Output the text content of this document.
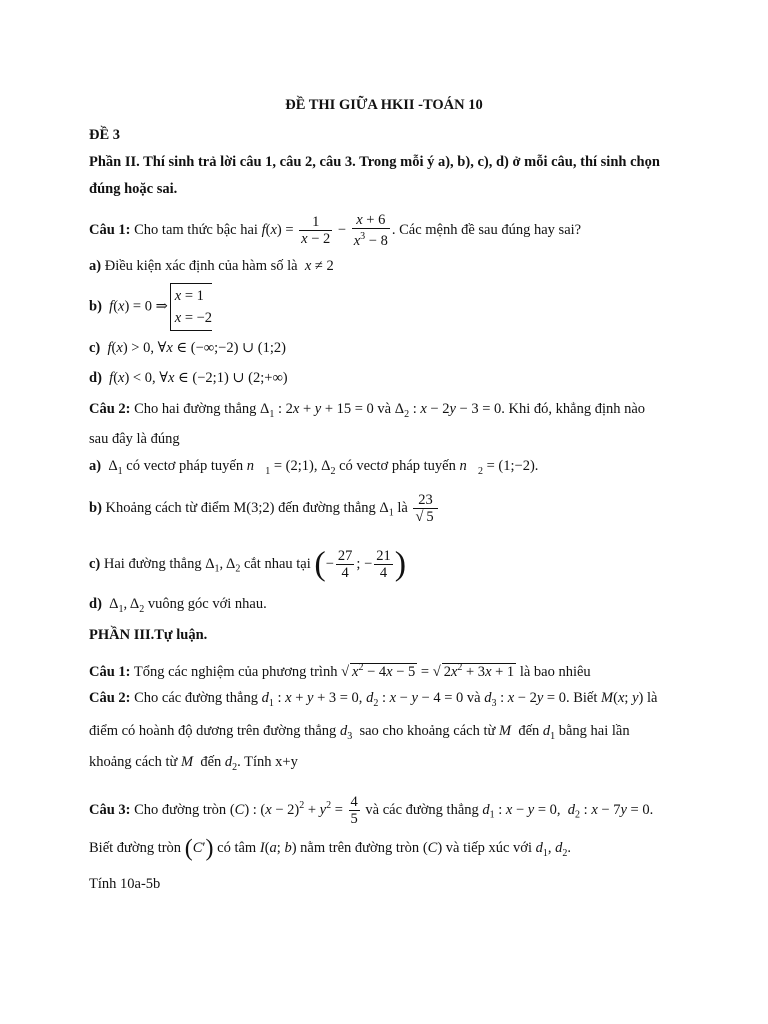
ĐỀ THI GIỮA HKII -TOÁN 10
ĐỀ 3
Phần II. Thí sinh trả lời câu 1, câu 2, câu 3. Trong mỗi ý a), b), c), d) ở mỗi câu, thí sinh chọn
đúng hoặc sai.
Câu 1: Cho tam thức bậc hai $f(x) = \frac{1}{x - 2} - \frac{x + 6}{x^3 - 8}$ . Các mệnh đề sau đúng hay sai?
a) Điều kiện xác định của hàm số là x ≠ 2
b) f(x) = 0 ⇒x = 1
x = −2
c) f(x) > 0, ∀x ∈ (−∞;−2) ∪ (1;2)
d) f(x) < 0, ∀x ∈ (−2;1) ∪ (2;+∞)
Câu 2: Cho hai đường thẳng $\Delta_1$ : 2x + y + 15 = 0 và $\Delta_2$ : x − 2y − 3 = 0. Khi đó, khẳng định nào
sau đây là đúng
a)  $\Delta_1$ có vectơ pháp tuyến $n⃗_1$ = (2;1), $\Delta_2$ có vectơ pháp tuyến $n⃗_2$ = (1;−2).
b) Khoảng cách từ điểm M(3;2) đến đường thẳng $\Delta_1$ là $\frac{23}{√ 5}$
c) Hai đường thẳng $\Delta_1$, $\Delta_2$ cắt nhau tại (− $\frac{27}{4}$ ; − $\frac{21}{4}$ )
d)  $\Delta_1$, $\Delta_2$ vuông góc với nhau.
PHẦN III.Tự luận.
Câu 1: Tổng các nghiệm của phương trình √ $x^2 - 4x - 5$ = √ $2x^2 + 3x + 1$ là bao nhiêu
Câu 2: Cho các đường thẳng $d_1$ : x + y + 3 = 0, $d_2$ : x − y − 4 = 0 và $d_3$ : x − 2y = 0. Biết M(x; y) là
điểm có hoành độ dương trên đường thẳng $d_3$ sao cho khoảng cách từ M đến $d_1$ bằng hai lần
khoảng cách từ M đến $d_2$. Tính x+y
Câu 3: Cho đường tròn (C) : $(x - 2)^2 + y^2 = \frac{4}{5}$ và các đường thẳng $d_1$ : x − y = 0,  $d_2$ : x − 7y = 0.
Biết đường tròn (C′) có tâm I(a; b) nằm trên đường tròn (C) và tiếp xúc với $d_1$, $d_2$.
Tính 10a-5b
